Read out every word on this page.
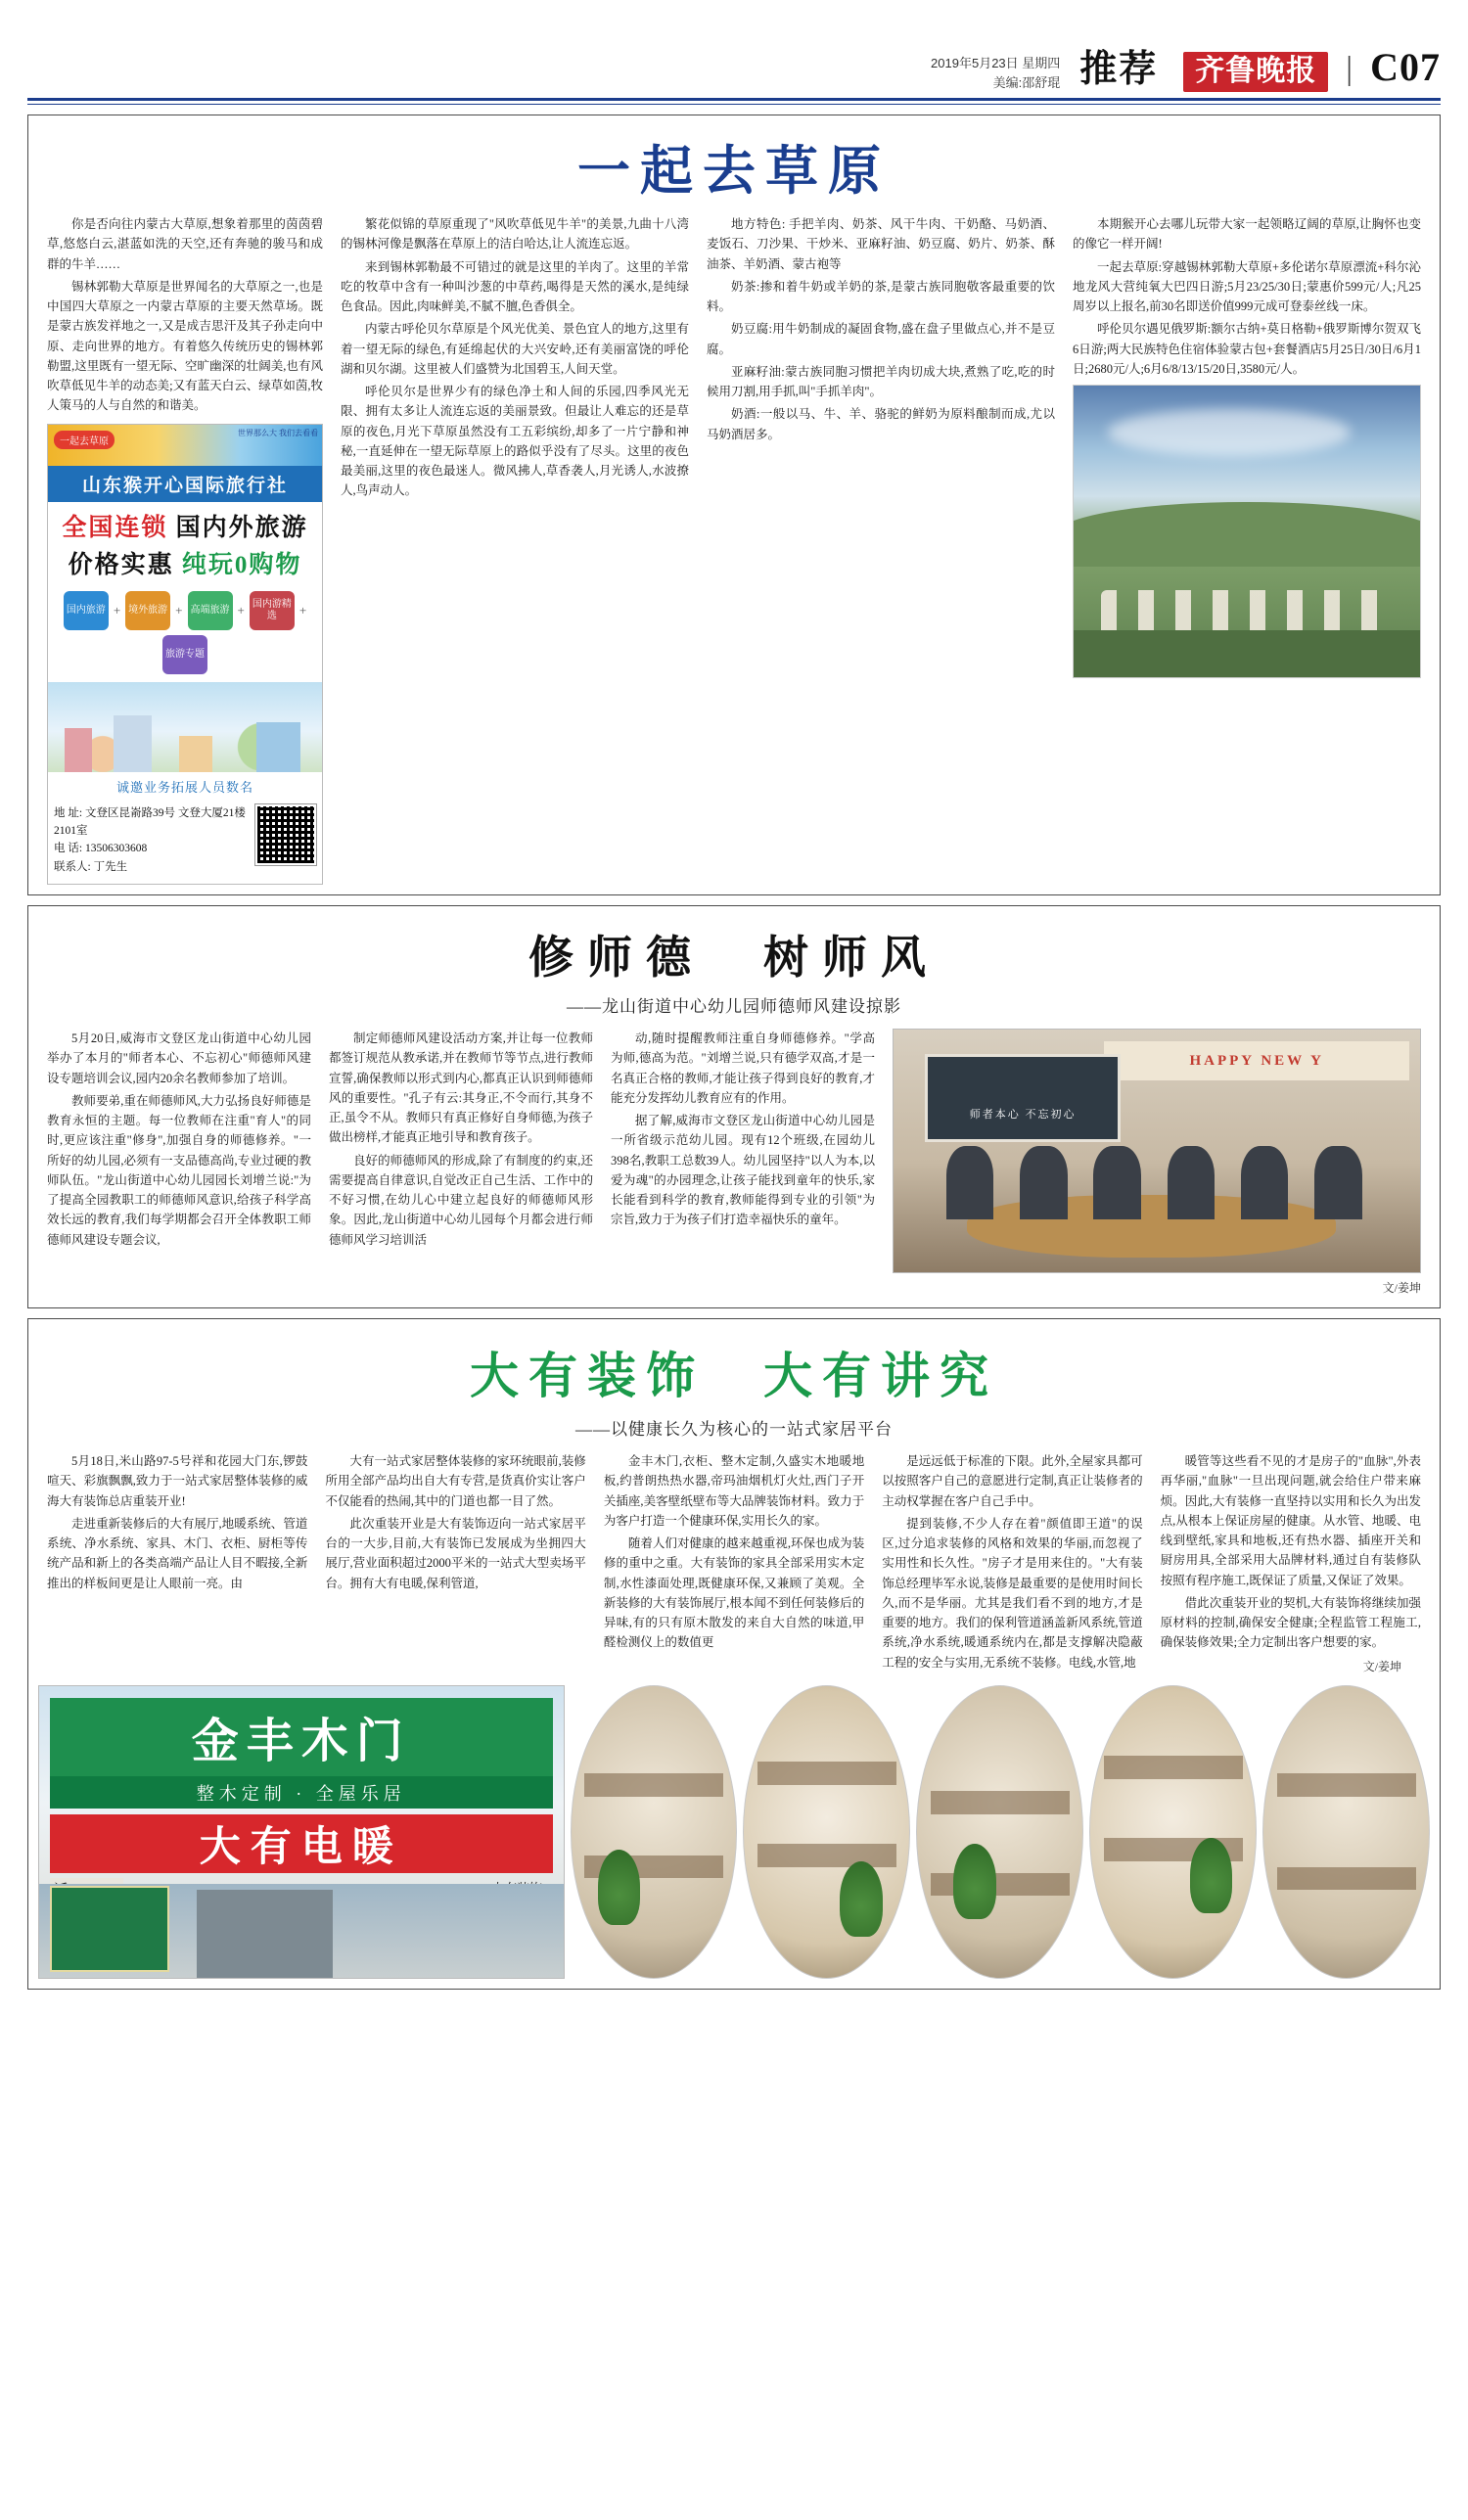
2019年5月23日 星期四
美编:邵舒琨 推荐	齐鲁晚报 | C07
一起去草原

你是否向往内蒙古大草原,想象着那里的茵茵碧草,悠悠白云,湛蓝如洗的天空,还有奔驰的骏马和成群的牛羊……

锡林郭勒大草原是世界闻名的大草原之一,也是中国四大草原之一内蒙古草原的主要天然草场。既是蒙古族发祥地之一,又是成吉思汗及其子孙走向中原、走向世界的地方。有着悠久传统历史的锡林郭勒盟,这里既有一望无际、空旷幽深的壮阔美,也有风吹草低见牛羊的动态美;又有蓝天白云、绿草如茵,牧人策马的人与自然的和谐美。

一起去草原
世界那么大 我们去看看
山东猴开心国际旅行社
全国连锁 国内外旅游
价格实惠 纯玩0购物
国内旅游 + 境外旅游 + 高端旅游 + 国内游精选	+
旅游专题
诚邀业务拓展人员数名
地 址: 文登区昆嵛路39号 文登大厦21楼2101室
电 话: 13506303608
联系人: 丁先生

繁花似锦的草原重现了"风吹草低见牛羊"的美景,九曲十八湾的锡林河像是飘落在草原上的洁白哈达,让人流连忘返。

来到锡林郭勒最不可错过的就是这里的羊肉了。这里的羊常吃的牧草中含有一种叫沙葱的中草药,喝得是天然的溪水,是纯绿色食品。因此,肉味鲜美,不腻不膻,色香俱全。

内蒙古呼伦贝尔草原是个风光优美、景色宜人的地方,这里有着一望无际的绿色,有延绵起伏的大兴安岭,还有美丽富饶的呼伦湖和贝尔湖。这里被人们盛赞为北国碧玉,人间天堂。

呼伦贝尔是世界少有的绿色净土和人间的乐园,四季风光无限、拥有太多让人流连忘返的美丽景致。但最让人难忘的还是草原的夜色,月光下草原虽然没有工五彩缤纷,却多了一片宁静和神秘,一直延伸在一望无际草原上的路似乎没有了尽头。这里的夜色最美丽,这里的夜色最迷人。微风拂人,草香袭人,月光诱人,水波撩人,鸟声动人。

地方特色: 手把羊肉、奶茶、风干牛肉、干奶酪、马奶酒、麦饭石、刀沙果、干炒米、亚麻籽油、奶豆腐、奶片、奶茶、酥油茶、羊奶酒、蒙古袍等

奶茶:掺和着牛奶或羊奶的茶,是蒙古族同胞敬客最重要的饮料。

奶豆腐:用牛奶制成的凝固食物,盛在盘子里做点心,并不是豆腐。

亚麻籽油:蒙古族同胞习惯把羊肉切成大块,煮熟了吃,吃的时候用刀割,用手抓,叫"手抓羊肉"。

奶酒:一般以马、牛、羊、骆驼的鲜奶为原料酿制而成,尤以马奶酒居多。

本期猴开心去哪儿玩带大家一起领略辽阔的草原,让胸怀也变的像它一样开阔!

一起去草原:穿越锡林郭勒大草原+多伦诺尔草原漂流+科尔沁地龙风大营纯氧大巴四日游;5月23/25/30日;蒙惠价599元/人;凡25周岁以上报名,前30名即送价值999元成可登泰丝线一床。

呼伦贝尔遇见俄罗斯:额尔古纳+莫日格勒+俄罗斯博尔贺双飞6日游;两大民族特色住宿体验蒙古包+套餐酒店5月25日/30日/6月1日;2680元/人;6月6/8/13/15/20日,3580元/人。

修师德　树师风
——龙山街道中心幼儿园师德师风建设掠影

5月20日,威海市文登区龙山街道中心幼儿园举办了本月的"师者本心、不忘初心"师德师风建设专题培训会议,园内20余名教师参加了培训。

教师要弟,重在师德师风,大力弘扬良好师德是教育永恒的主题。每一位教师在注重"育人"的同时,更应该注重"修身",加强自身的师德修养。"一所好的幼儿园,必须有一支品德高尚,专业过硬的教师队伍。"龙山街道中心幼儿园园长刘增兰说:"为了提高全园教职工的师德师风意识,给孩子科学高效长远的教育,我们每学期都会召开全体教职工师德师风建设专题会议,

制定师德师风建设活动方案,并让每一位教师都签订规范从教承诺,并在教师节等节点,进行教师宣誓,确保教师以形式到内心,都真正认识到师德师风的重要性。"孔子有云:其身正,不令而行,其身不正,虽令不从。教师只有真正修好自身师德,为孩子做出榜样,才能真正地引导和教育孩子。

良好的师德师风的形成,除了有制度的约束,还需要提高自律意识,自觉改正自己生活、工作中的不好习惯,在幼儿心中建立起良好的师德师风形象。因此,龙山街道中心幼儿园每个月都会进行师德师风学习培训活

动,随时提醒教师注重自身师德修养。"学高为师,德高为范。"刘增兰说,只有德学双高,才是一名真正合格的教师,才能让孩子得到良好的教育,才能充分发挥幼儿教育应有的作用。

据了解,威海市文登区龙山街道中心幼儿园是一所省级示范幼儿园。现有12个班级,在园幼儿398名,教职工总数39人。幼儿园坚持"以人为本,以爱为魂"的办园理念,让孩子能找到童年的快乐,家长能看到科学的教育,教师能得到专业的引领"为宗旨,致力于为孩子们打造幸福快乐的童年。

HAPPY NEW Y
师者本心 不忘初心
文/姜坤
大有装饰　大有讲究
——以健康长久为核心的一站式家居平台

5月18日,米山路97-5号祥和花园大门东,锣鼓喧天、彩旗飘飘,致力于一站式家居整体装修的威海大有装饰总店重装开业!

走进重新装修后的大有展厅,地暖系统、管道系统、净水系统、家具、木门、衣柜、厨柜等传统产品和新上的各类高端产品让人目不暇接,全新推出的样板间更是让人眼前一亮。由

大有一站式家居整体装修的家环统眼前,装修所用全部产品均出自大有专营,是货真价实让客户不仅能看的热闹,其中的门道也都一目了然。

此次重装开业是大有装饰迈向一站式家居平台的一大步,目前,大有装饰已发展成为坐拥四大展厅,营业面积超过2000平米的一站式大型卖场平台。拥有大有电暖,保利管道,

金丰木门,衣柜、整木定制,久盛实木地暖地板,约普朗热热水器,帝玛油烟机灯火灶,西门子开关插座,美客壁纸壁布等大品牌装饰材料。致力于为客户打造一个健康环保,实用长久的家。

随着人们对健康的越来越重视,环保也成为装修的重中之重。大有装饰的家具全部采用实木定制,水性漆面处理,既健康环保,又兼顾了美观。全新装修的大有装饰展厅,根本闻不到任何装修后的异味,有的只有原木散发的来自大自然的味道,甲醛检测仪上的数值更

是远远低于标准的下限。此外,全屋家具都可以按照客户自己的意愿进行定制,真正让装修者的主动权掌握在客户自己手中。

提到装修,不少人存在着"颜值即王道"的误区,过分追求装修的风格和效果的华丽,而忽视了实用性和长久性。"房子才是用来住的。"大有装饰总经理毕军永说,装修是最重要的是使用时间长久,而不是华丽。尤其是我们看不到的地方,才是重要的地方。我们的保利管道涵盖新风系统,管道系统,净水系统,暖通系统内在,都是支撑解决隐蔽工程的安全与实用,无系统不装修。电线,水管,地

暖管等这些看不见的才是房子的"血脉",外表再华丽,"血脉"一旦出现问题,就会给住户带来麻烦。因此,大有装修一直坚持以实用和长久为出发点,从根本上保证房屋的健康。从水管、地暖、电线到壁纸,家具和地板,还有热水器、插座开关和厨房用具,全部采用大品牌材料,通过自有装修队按照有程序施工,既保证了质量,又保证了效果。

借此次重装开业的契机,大有装饰将继续加强原材料的控制,确保安全健康;全程监管工程施工,确保装修效果;全力定制出客户想要的家。

文/姜坤
金丰木门
整木定制 · 全屋乐居
大有电暖
